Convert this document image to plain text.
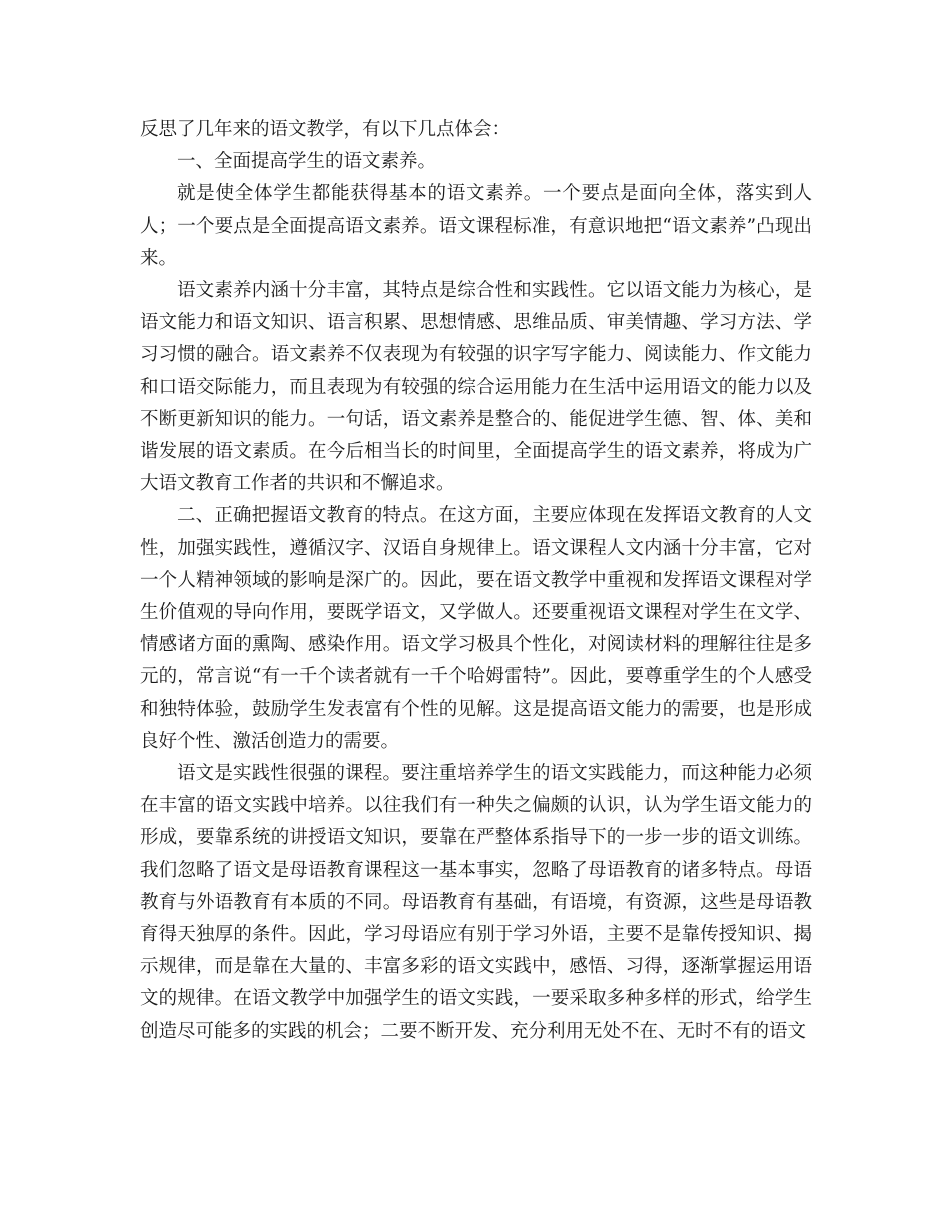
反思了几年来的语文教学，有以下几点体会：

一、全面提高学生的语文素养。

就是使全体学生都能获得基本的语文素养。一个要点是面向全体，落实到人人；一个要点是全面提高语文素养。语文课程标准，有意识地把“语文素养”凸现出来。

语文素养内涵十分丰富，其特点是综合性和实践性。它以语文能力为核心，是语文能力和语文知识、语言积累、思想情感、思维品质、审美情趣、学习方法、学习习惯的融合。语文素养不仅表现为有较强的识字写字能力、阅读能力、作文能力和口语交际能力，而且表现为有较强的综合运用能力在生活中运用语文的能力以及不断更新知识的能力。一句话，语文素养是整合的、能促进学生德、智、体、美和谐发展的语文素质。在今后相当长的时间里，全面提高学生的语文素养，将成为广大语文教育工作者的共识和不懈追求。

二、正确把握语文教育的特点。在这方面，主要应体现在发挥语文教育的人文性，加强实践性，遵循汉字、汉语自身规律上。语文课程人文内涵十分丰富，它对一个人精神领域的影响是深广的。因此，要在语文教学中重视和发挥语文课程对学生价值观的导向作用，要既学语文，又学做人。还要重视语文课程对学生在文学、情感诸方面的熏陶、感染作用。语文学习极具个性化，对阅读材料的理解往往是多元的，常言说“有一千个读者就有一千个哈姆雷特”。因此，要尊重学生的个人感受和独特体验，鼓励学生发表富有个性的见解。这是提高语文能力的需要，也是形成良好个性、激活创造力的需要。

语文是实践性很强的课程。要注重培养学生的语文实践能力，而这种能力必须在丰富的语文实践中培养。以往我们有一种失之偏颇的认识，认为学生语文能力的形成，要靠系统的讲授语文知识，要靠在严整体系指导下的一步一步的语文训练。我们忽略了语文是母语教育课程这一基本事实，忽略了母语教育的诸多特点。母语教育与外语教育有本质的不同。母语教育有基础，有语境，有资源，这些是母语教育得天独厚的条件。因此，学习母语应有别于学习外语，主要不是靠传授知识、揭示规律，而是靠在大量的、丰富多彩的语文实践中，感悟、习得，逐渐掌握运用语文的规律。在语文教学中加强学生的语文实践，一要采取多种多样的形式，给学生创造尽可能多的实践的机会；二要不断开发、充分利用无处不在、无时不有的语文
